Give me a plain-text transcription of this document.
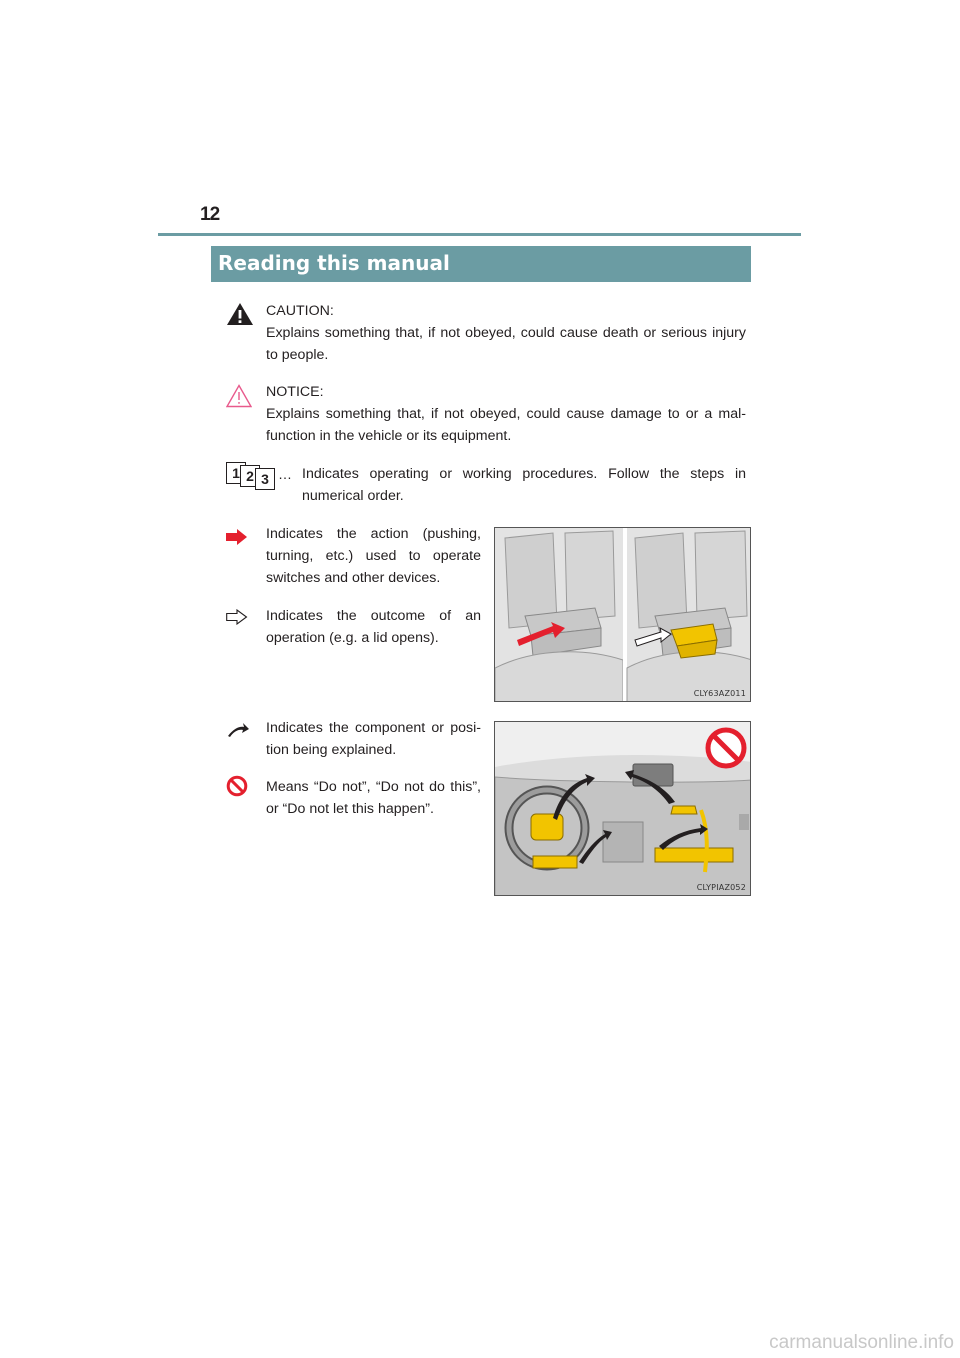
12
Reading this manual
CAUTION:
Explains something that, if not obeyed, could cause death or serious injury to people.
NOTICE:
Explains something that, if not obeyed, could cause damage to or a mal- function in the vehicle or its equipment.
1 2 3 … Indicates operating or working procedures. Follow the steps in numerical order.
Indicates the action (pushing, turning, etc.) used to operate switches and other devices.
Indicates the outcome of an operation (e.g. a lid opens).
CLY63AZ011
Indicates the component or posi- tion being explained.
Means “Do not”, “Do not do this”, or “Do not let this happen”.
CLYPIAZ052
carmanualsonline.info
